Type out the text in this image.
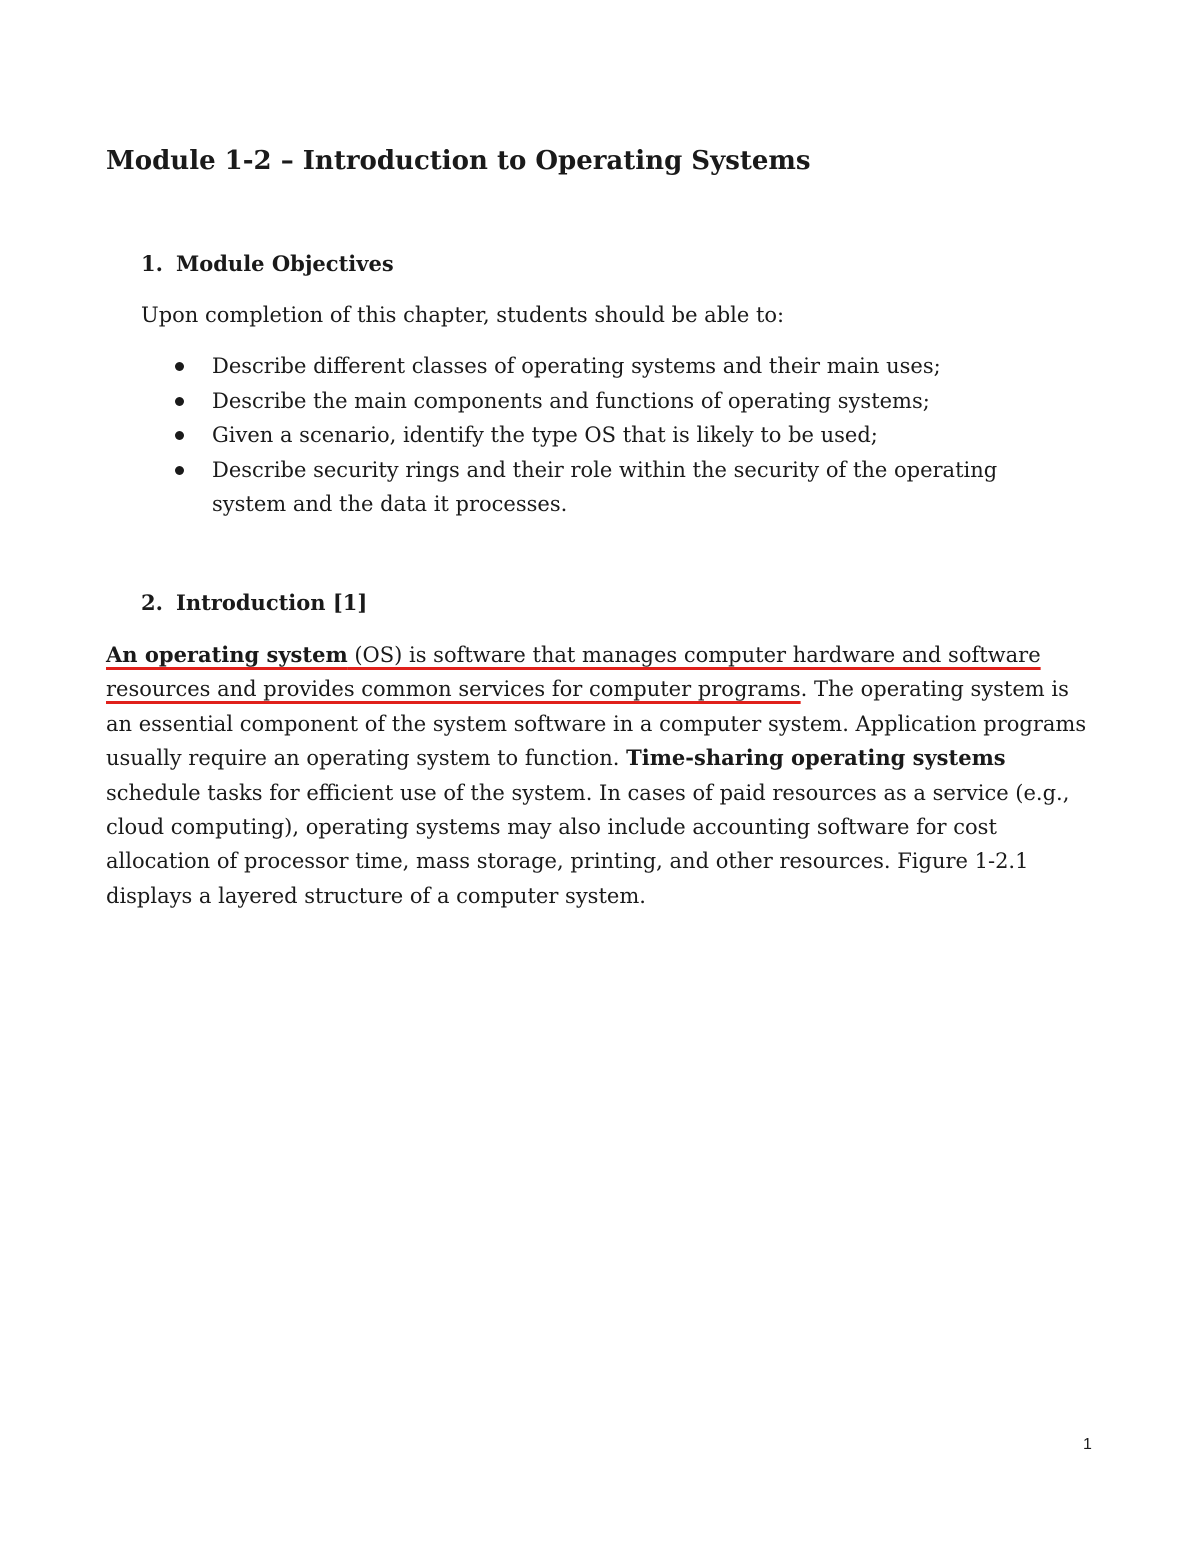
Module 1-2 – Introduction to Operating Systems
1. Module Objectives

Upon completion of this chapter, students should be able to:

Describe different classes of operating systems and their main uses;
Describe the main components and functions of operating systems;
Given a scenario, identify the type OS that is likely to be used;
Describe security rings and their role within the security of the operating system and the data it processes.
2. Introduction [1]

An operating system (OS) is software that manages computer hardware and software resources and provides common services for computer programs. The operating system is an essential component of the system software in a computer system. Application programs usually require an operating system to function. Time-sharing operating systems schedule tasks for efficient use of the system. In cases of paid resources as a service (e.g., cloud computing), operating systems may also include accounting software for cost allocation of processor time, mass storage, printing, and other resources. Figure 1-2.1 displays a layered structure of a computer system.

1
